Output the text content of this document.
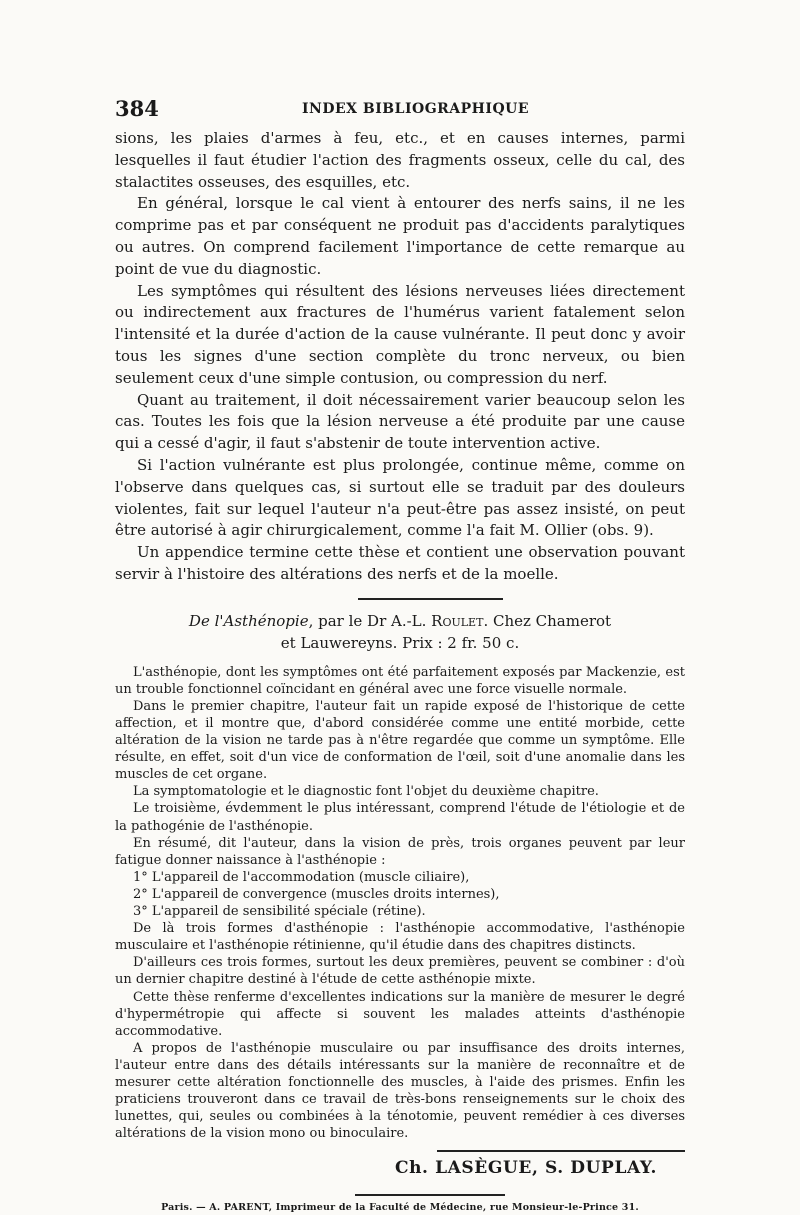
384	INDEX BIBLIOGRAPHIQUE

sions, les plaies d'armes à feu, etc., et en causes internes, parmi lesquelles il faut étudier l'action des fragments osseux, celle du cal, des stalactites osseuses, des esquilles, etc.

En général, lorsque le cal vient à entourer des nerfs sains, il ne les comprime pas et par conséquent ne produit pas d'accidents paralytiques ou autres. On comprend facilement l'importance de cette remarque au point de vue du diagnostic.

Les symptômes qui résultent des lésions nerveuses liées directement ou indirectement aux fractures de l'humérus varient fatalement selon l'intensité et la durée d'action de la cause vulnérante. Il peut donc y avoir tous les signes d'une section complète du tronc nerveux, ou bien seulement ceux d'une simple contusion, ou compression du nerf.

Quant au traitement, il doit nécessairement varier beaucoup selon les cas. Toutes les fois que la lésion nerveuse a été produite par une cause qui a cessé d'agir, il faut s'abstenir de toute intervention active.

Si l'action vulnérante est plus prolongée, continue même, comme on l'observe dans quelques cas, si surtout elle se traduit par des douleurs violentes, fait sur lequel l'auteur n'a peut-être pas assez insisté, on peut être autorisé à agir chirurgicalement, comme l'a fait M. Ollier (obs. 9).

Un appendice termine cette thèse et contient une observation pouvant servir à l'histoire des altérations des nerfs et de la moelle.

De l'Asthénopie, par le Dr A.-L. Roulet. Chez Chamerot
et Lauwereyns. Prix : 2 fr. 50 c.

L'asthénopie, dont les symptômes ont été parfaitement exposés par Mackenzie, est un trouble fonctionnel coïncidant en général avec une force visuelle normale.

Dans le premier chapitre, l'auteur fait un rapide exposé de l'historique de cette affection, et il montre que, d'abord considérée comme une entité morbide, cette altération de la vision ne tarde pas à n'être regardée que comme un symptôme. Elle résulte, en effet, soit d'un vice de conformation de l'œil, soit d'une anomalie dans les muscles de cet organe.

La symptomatologie et le diagnostic font l'objet du deuxième chapitre.

Le troisième, évdemment le plus intéressant, comprend l'étude de l'étiologie et de la pathogénie de l'asthénopie.

En résumé, dit l'auteur, dans la vision de près, trois organes peuvent par leur fatigue donner naissance à l'asthénopie :

1° L'appareil de l'accommodation (muscle ciliaire),

2° L'appareil de convergence (muscles droits internes),

3° L'appareil de sensibilité spéciale (rétine).

De là trois formes d'asthénopie : l'asthénopie accommodative, l'asthénopie musculaire et l'asthénopie rétinienne, qu'il étudie dans des chapitres distincts.

D'ailleurs ces trois formes, surtout les deux premières, peuvent se combiner : d'où un dernier chapitre destiné à l'étude de cette asthénopie mixte.

Cette thèse renferme d'excellentes indications sur la manière de mesurer le degré d'hypermétropie qui affecte si souvent les malades atteints d'asthénopie accommodative.

A propos de l'asthénopie musculaire ou par insuffisance des droits internes, l'auteur entre dans des détails intéressants sur la manière de reconnaître et de mesurer cette altération fonctionnelle des muscles, à l'aide des prismes. Enfin les praticiens trouveront dans ce travail de très-bons renseignements sur le choix des lunettes, qui, seules ou combinées à la ténotomie, peuvent remédier à ces diverses altérations de la vision mono ou binoculaire.

Ch. LASÈGUE, S. DUPLAY.
Paris. — A. PARENT, Imprimeur de la Faculté de Médecine, rue Monsieur-le-Prince 31.
